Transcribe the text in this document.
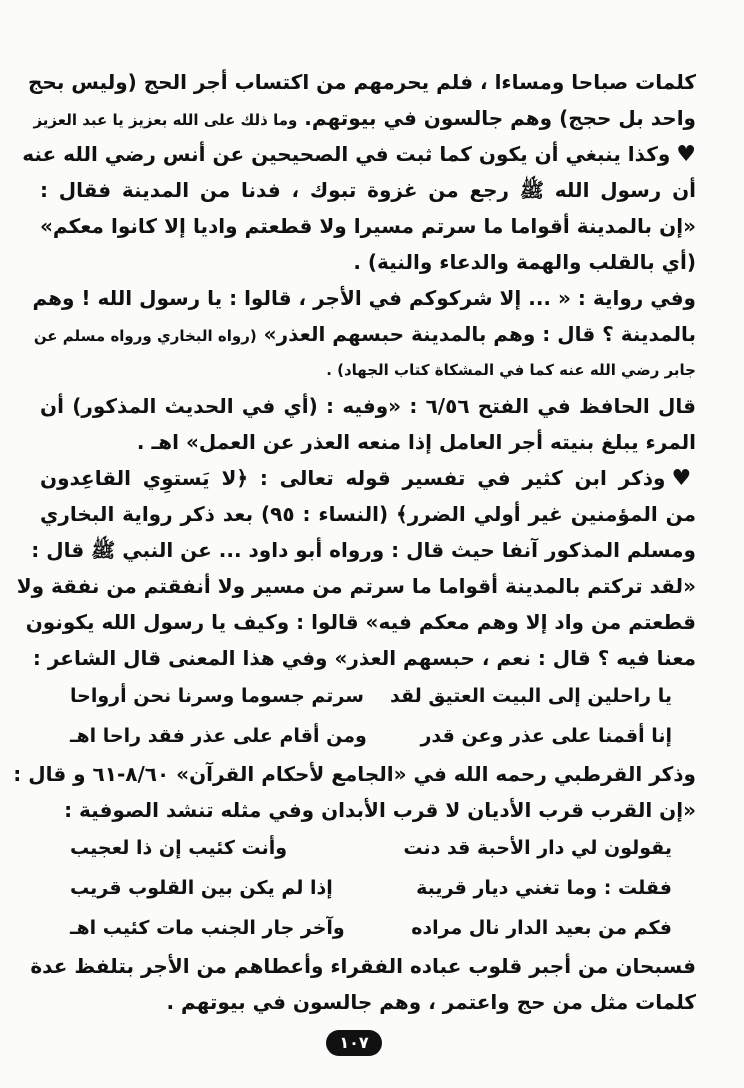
كلمات صباحا ومساءا ، فلم يحرمهم من اكتساب أجر الحج (وليس بحج
واحد بل حجج) وهم جالسون في بيوتهم. وما ذلك على الله بعزيز يا عبد العزيز
♥وكذا ينبغي أن يكون كما ثبت في الصحيحين عن أنس رضي الله عنه
أن رسول الله ﷺ رجع من غزوة تبوك ، فدنا من المدينة فقال :
«إن بالمدينة أقواما ما سرتم مسيرا ولا قطعتم واديا إلا كانوا معكم»
(أي بالقلب والهمة والدعاء والنية) .
وفي رواية : « ... إلا شركوكم في الأجر ، قالوا : يا رسول الله ! وهم
بالمدينة ؟ قال : وهم بالمدينة حبسهم العذر» (رواه البخاري ورواه مسلم عن
جابر رضي الله عنه كما في المشكاة كتاب الجهاد) .
قال الحافظ في الفتح ٦/٥٦ : «وفيه : (أي في الحديث المذكور) أن
المرء يبلغ بنيته أجر العامل إذا منعه العذر عن العمل» اهـ .
♥وذكر ابن كثير في تفسير قوله تعالى : ﴿لا يَستوِي القاعِدون
من المؤمنين غير أولي الضرر﴾ (النساء : ٩٥) بعد ذكر رواية البخاري
ومسلم المذكور آنفا حيث قال : ورواه أبو داود ... عن النبي ﷺ قال :
«لقد تركتم بالمدينة أقواما ما سرتم من مسير ولا أنفقتم من نفقة ولا
قطعتم من واد إلا وهم معكم فيه» قالوا : وكيف يا رسول الله يكونون
معنا فيه ؟ قال : نعم ، حبسهم العذر» وفي هذا المعنى قال الشاعر :
يا راحلين إلى البيت العتيق لقد
سرتم جسوما وسرنا نحن أرواحا
إنا أقمنا على عذر وعن قدر
ومن أقام على عذر فقد راحا اهـ
وذكر القرطبي رحمه الله في «الجامع لأحكام القرآن» ٨/٦٠-٦١ و قال :
«إن القرب قرب الأديان لا قرب الأبدان وفي مثله تنشد الصوفية :
يقولون لي دار الأحبة قد دنت
وأنت كئيب إن ذا لعجيب
فقلت : وما تغني ديار قريبة
إذا لم يكن بين القلوب قريب
فكم من بعيد الدار نال مراده
وآخر جار الجنب مات كئيب اهـ
فسبحان من أجبر قلوب عباده الفقراء وأعطاهم من الأجر بتلفظ عدة
كلمات مثل من حج واعتمر ، وهم جالسون في بيوتهم .
١٠٧
